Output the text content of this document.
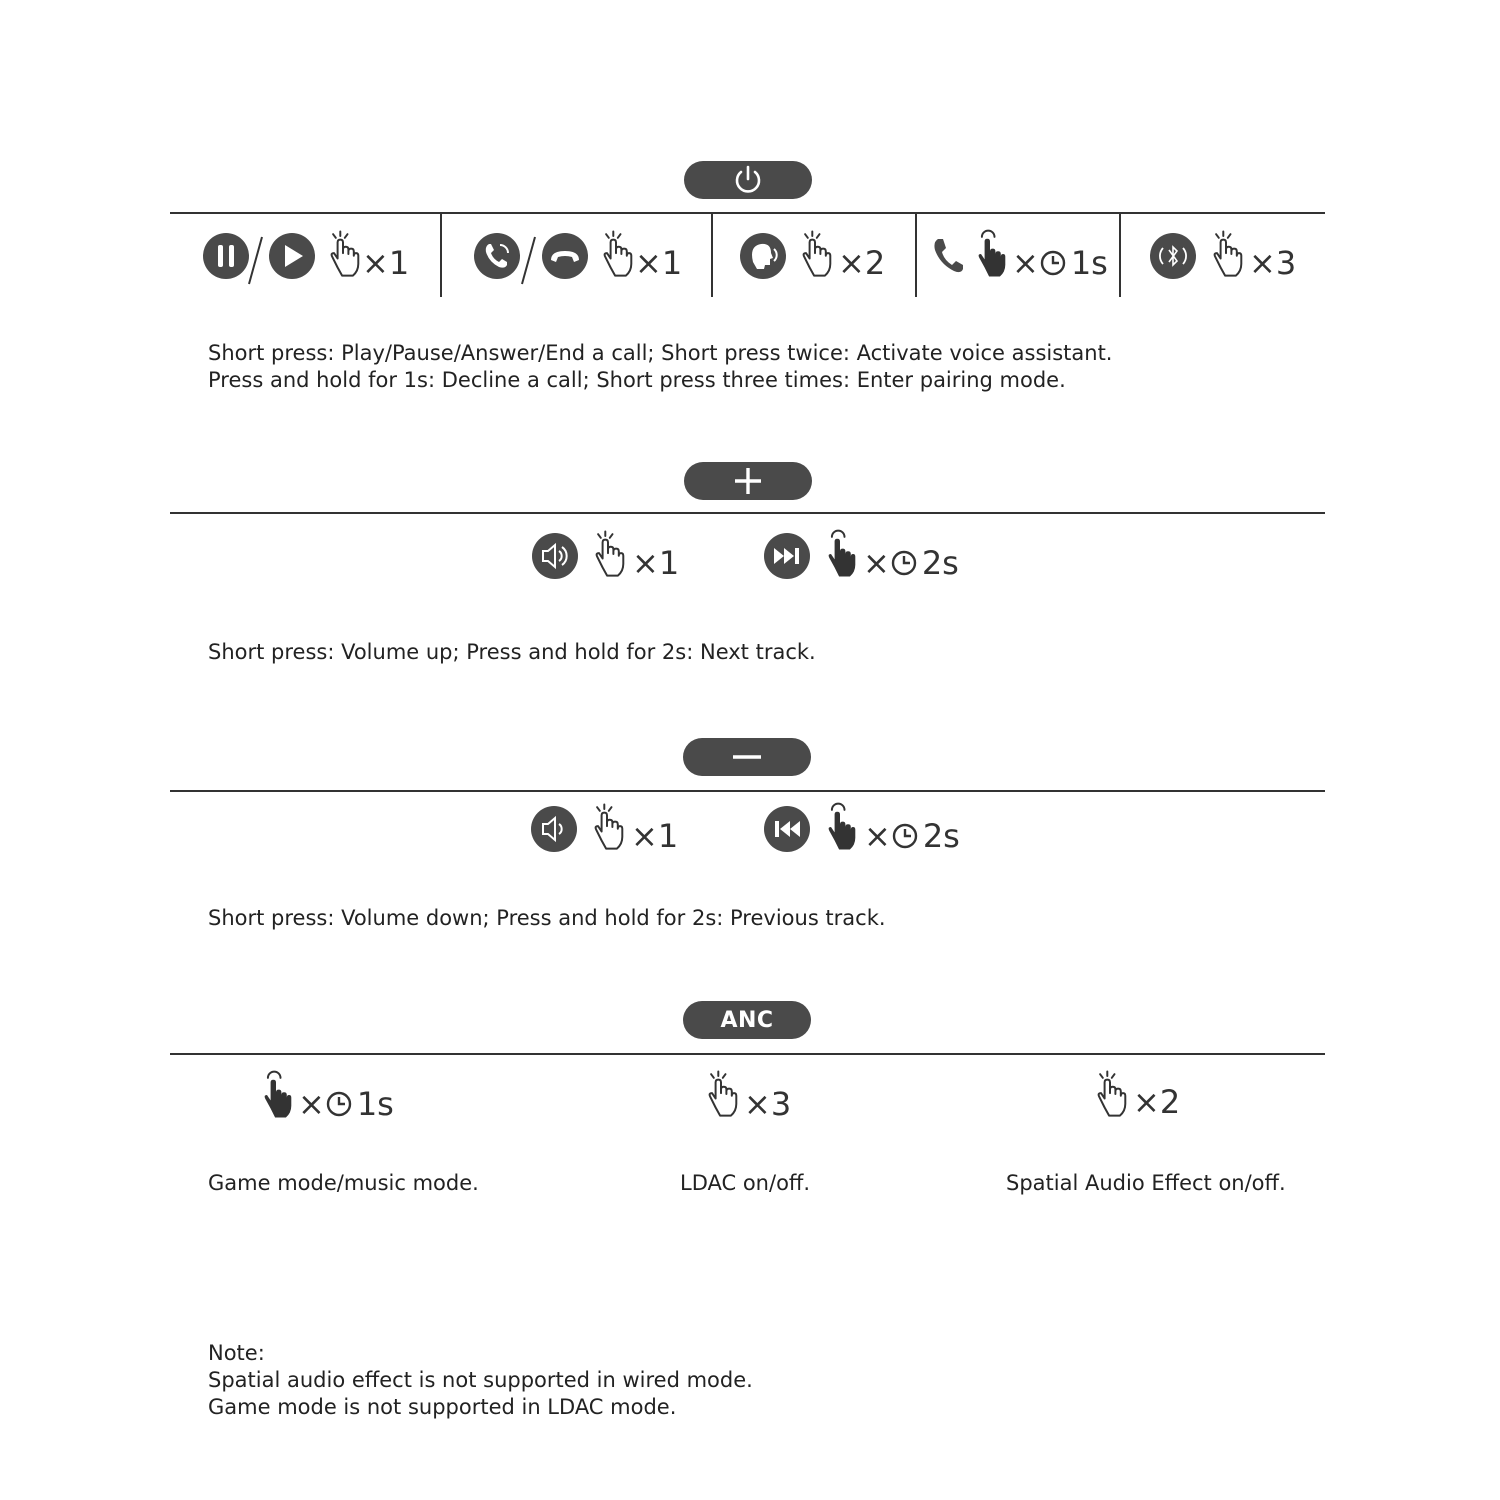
× 1	× 1	× 2	× 1s	× 3
Short press: Play/Pause/Answer/End a call; Short press twice: Activate voice assistant.
Press and hold for 1s: Decline a call; Short press three times: Enter pairing mode.
× 1	× 2s
Short press: Volume up; Press and hold for 2s: Next track.
× 1	× 2s
Short press: Volume down; Press and hold for 2s: Previous track.
ANC
× 1s	× 3	× 2
Game mode/music mode.	LDAC on/off.	Spatial Audio Effect on/off.
Note:
Spatial audio effect is not supported in wired mode.
Game mode is not supported in LDAC mode.
